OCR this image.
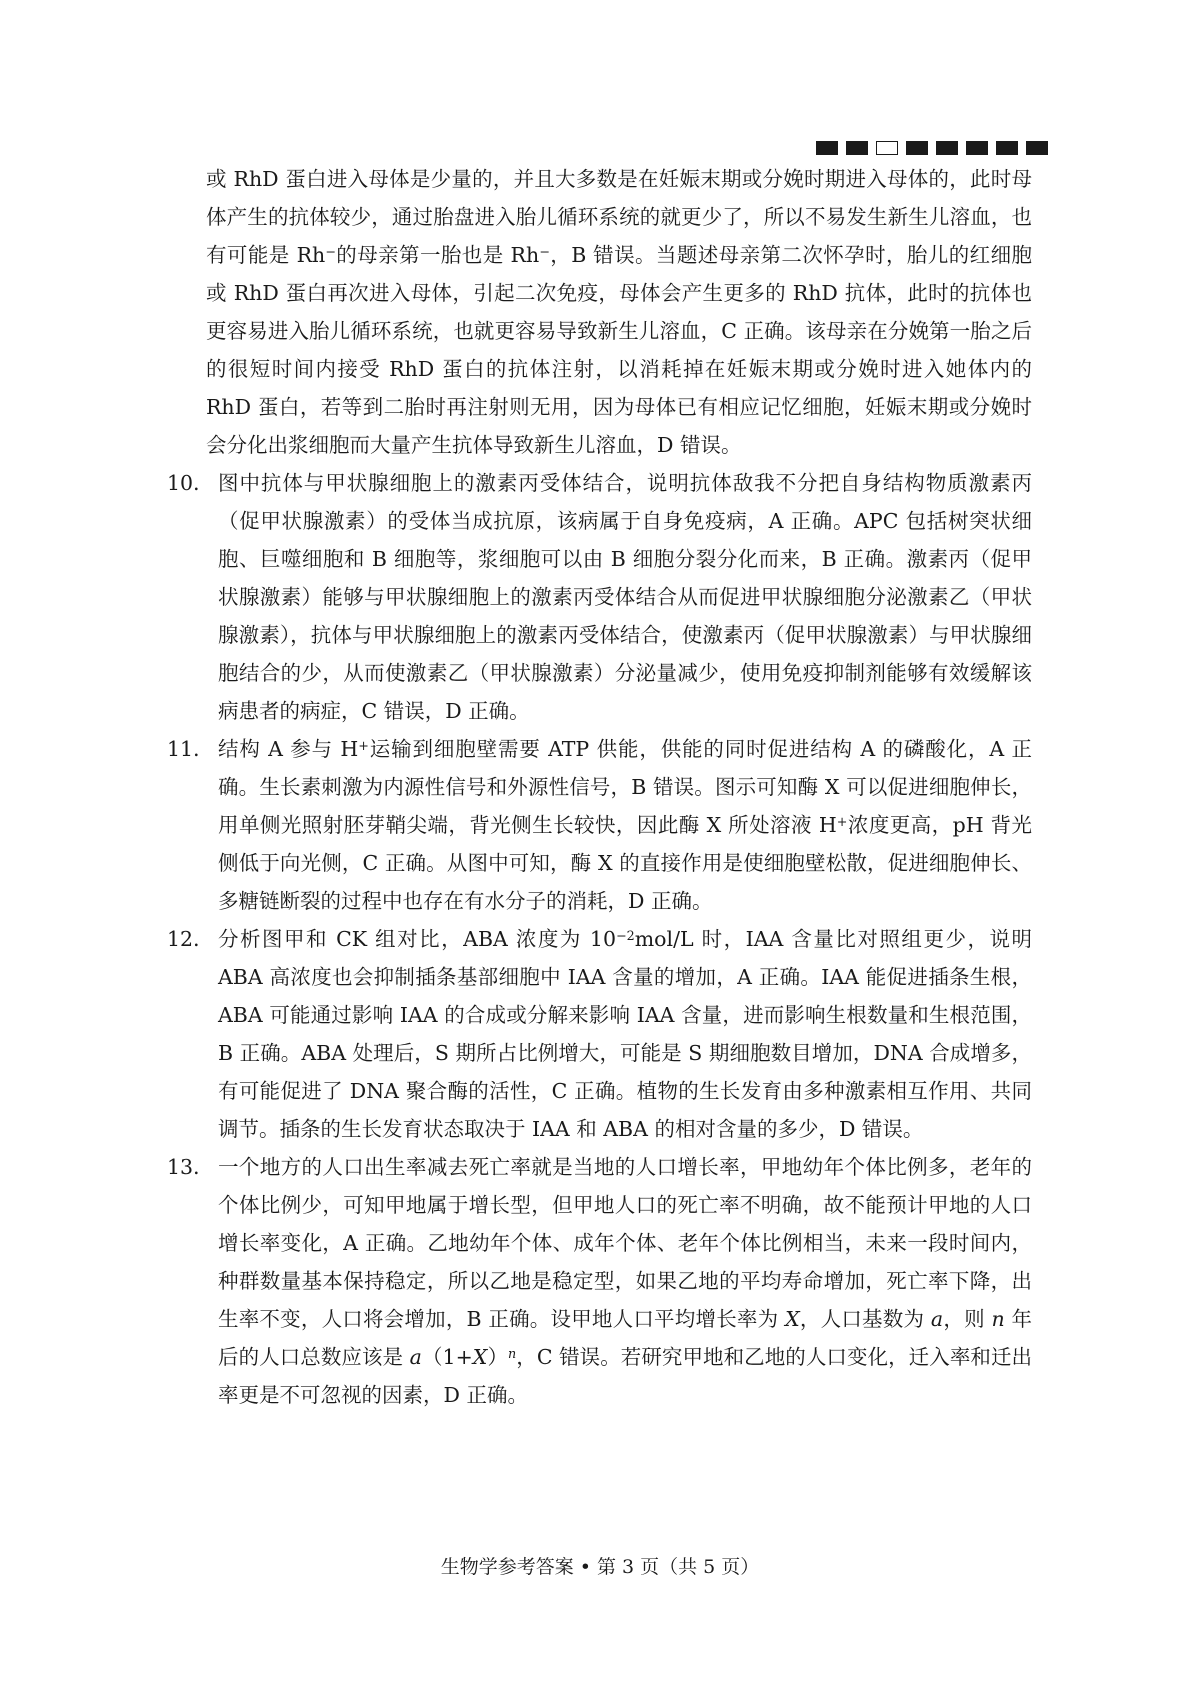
或 RhD 蛋白进入母体是少量的，并且大多数是在妊娠末期或分娩时期进入母体的，此时母体产生的抗体较少，通过胎盘进入胎儿循环系统的就更少了，所以不易发生新生儿溶血，也有可能是 Rh−的母亲第一胎也是 Rh−，B 错误。当题述母亲第二次怀孕时，胎儿的红细胞或 RhD 蛋白再次进入母体，引起二次免疫，母体会产生更多的 RhD 抗体，此时的抗体也更容易进入胎儿循环系统，也就更容易导致新生儿溶血，C 正确。该母亲在分娩第一胎之后的很短时间内接受 RhD 蛋白的抗体注射，以消耗掉在妊娠末期或分娩时进入她体内的 RhD 蛋白，若等到二胎时再注射则无用，因为母体已有相应记忆细胞，妊娠末期或分娩时会分化出浆细胞而大量产生抗体导致新生儿溶血，D 错误。

10． 图中抗体与甲状腺细胞上的激素丙受体结合，说明抗体敌我不分把自身结构物质激素丙（促甲状腺激素）的受体当成抗原，该病属于自身免疫病，A 正确。APC 包括树突状细胞、巨噬细胞和 B 细胞等，浆细胞可以由 B 细胞分裂分化而来，B 正确。激素丙（促甲状腺激素）能够与甲状腺细胞上的激素丙受体结合从而促进甲状腺细胞分泌激素乙（甲状腺激素），抗体与甲状腺细胞上的激素丙受体结合，使激素丙（促甲状腺激素）与甲状腺细胞结合的少，从而使激素乙（甲状腺激素）分泌量减少，使用免疫抑制剂能够有效缓解该病患者的病症，C 错误，D 正确。

11． 结构 A 参与 H+运输到细胞壁需要 ATP 供能，供能的同时促进结构 A 的磷酸化，A 正确。生长素刺激为内源性信号和外源性信号，B 错误。图示可知酶 X 可以促进细胞伸长，用单侧光照射胚芽鞘尖端，背光侧生长较快，因此酶 X 所处溶液 H+浓度更高，pH 背光侧低于向光侧，C 正确。从图中可知，酶 X 的直接作用是使细胞壁松散，促进细胞伸长、多糖链断裂的过程中也存在有水分子的消耗，D 正确。

12． 分析图甲和 CK 组对比，ABA 浓度为 $10^{-2}mol/L$ 时，IAA 含量比对照组更少，说明 ABA 高浓度也会抑制插条基部细胞中 IAA 含量的增加，A 正确。IAA 能促进插条生根，ABA 可能通过影响 IAA 的合成或分解来影响 IAA 含量，进而影响生根数量和生根范围，B 正确。ABA 处理后，S 期所占比例增大，可能是 S 期细胞数目增加，DNA 合成增多，有可能促进了 DNA 聚合酶的活性，C 正确。植物的生长发育由多种激素相互作用、共同调节。插条的生长发育状态取决于 IAA 和 ABA 的相对含量的多少，D 错误。

13． 一个地方的人口出生率减去死亡率就是当地的人口增长率，甲地幼年个体比例多，老年的个体比例少，可知甲地属于增长型，但甲地人口的死亡率不明确，故不能预计甲地的人口增长率变化，A 正确。乙地幼年个体、成年个体、老年个体比例相当，未来一段时间内，种群数量基本保持稳定，所以乙地是稳定型，如果乙地的平均寿命增加，死亡率下降，出生率不变，人口将会增加，B 正确。设甲地人口平均增长率为 X，人口基数为 a，则 n 年后的人口总数应该是 $a(1+X)^n$，C 错误。若研究甲地和乙地的人口变化，迁入率和迁出率更是不可忽视的因素，D 正确。

生物学参考答案 • 第 3 页（共 5 页）
